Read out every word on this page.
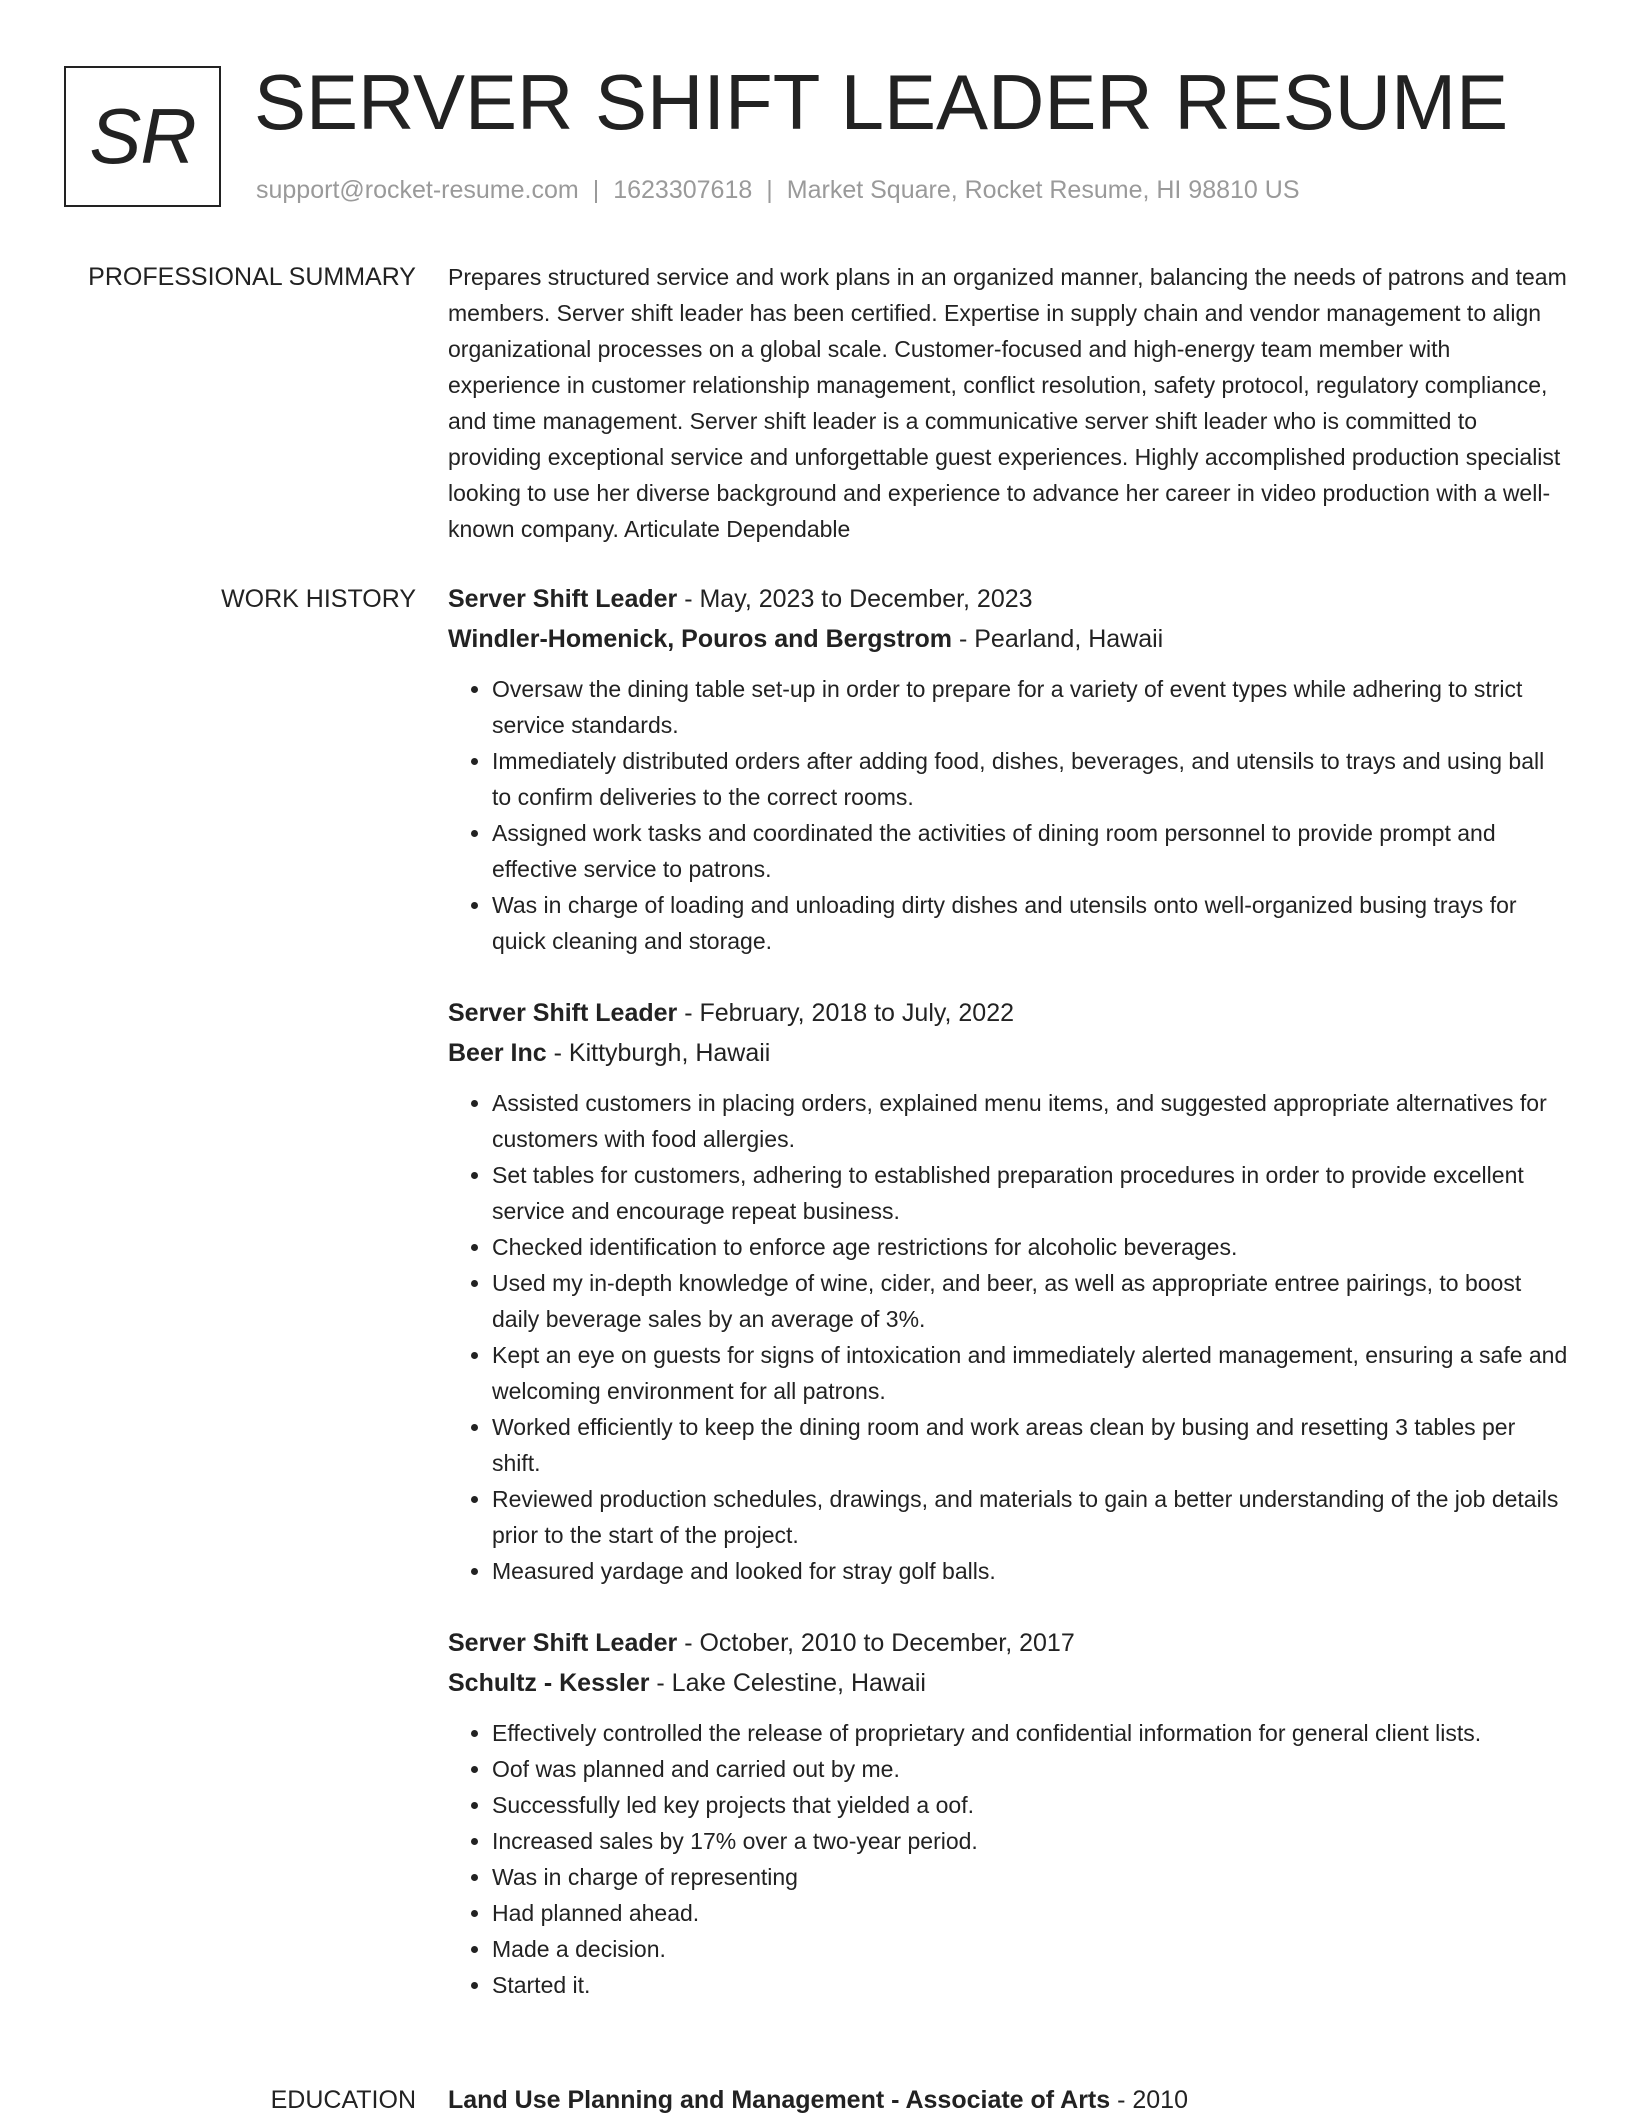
SR SERVER SHIFT LEADER RESUME
support@rocket-resume.com | 1623307618 | Market Square, Rocket Resume, HI 98810 US
PROFESSIONAL SUMMARY Prepares structured service and work plans in an organized manner, balancing the needs of patrons and team members. Server shift leader has been certified. Expertise in supply chain and vendor management to align organizational processes on a global scale. Customer-focused and high-energy team member with experience in customer relationship management, conflict resolution, safety protocol, regulatory compliance, and time management. Server shift leader is a communicative server shift leader who is committed to providing exceptional service and unforgettable guest experiences. Highly accomplished production specialist looking to use her diverse background and experience to advance her career in video production with a well-known company. Articulate Dependable

WORK HISTORY Server Shift Leader - May, 2023 to December, 2023
Windler-Homenick, Pouros and Bergstrom - Pearland, Hawaii
• Oversaw the dining table set-up in order to prepare for a variety of event types while adhering to strict service standards.
• Immediately distributed orders after adding food, dishes, beverages, and utensils to trays and using ball to confirm deliveries to the correct rooms.
• Assigned work tasks and coordinated the activities of dining room personnel to provide prompt and effective service to patrons.
• Was in charge of loading and unloading dirty dishes and utensils onto well-organized busing trays for quick cleaning and storage.
Server Shift Leader - February, 2018 to July, 2022
Beer Inc - Kittyburgh, Hawaii
• Assisted customers in placing orders, explained menu items, and suggested appropriate alternatives for customers with food allergies.
• Set tables for customers, adhering to established preparation procedures in order to provide excellent service and encourage repeat business.
• Checked identification to enforce age restrictions for alcoholic beverages.
• Used my in-depth knowledge of wine, cider, and beer, as well as appropriate entree pairings, to boost daily beverage sales by an average of 3%.
• Kept an eye on guests for signs of intoxication and immediately alerted management, ensuring a safe and welcoming environment for all patrons.
• Worked efficiently to keep the dining room and work areas clean by busing and resetting 3 tables per shift.
• Reviewed production schedules, drawings, and materials to gain a better understanding of the job details prior to the start of the project.
• Measured yardage and looked for stray golf balls.
Server Shift Leader - October, 2010 to December, 2017
Schultz - Kessler - Lake Celestine, Hawaii
• Effectively controlled the release of proprietary and confidential information for general client lists.
• Oof was planned and carried out by me.
• Successfully led key projects that yielded a oof.
• Increased sales by 17% over a two-year period.
• Was in charge of representing
• Had planned ahead.
• Made a decision.
• Started it.
EDUCATION Land Use Planning and Management - Associate of Arts - 2010
